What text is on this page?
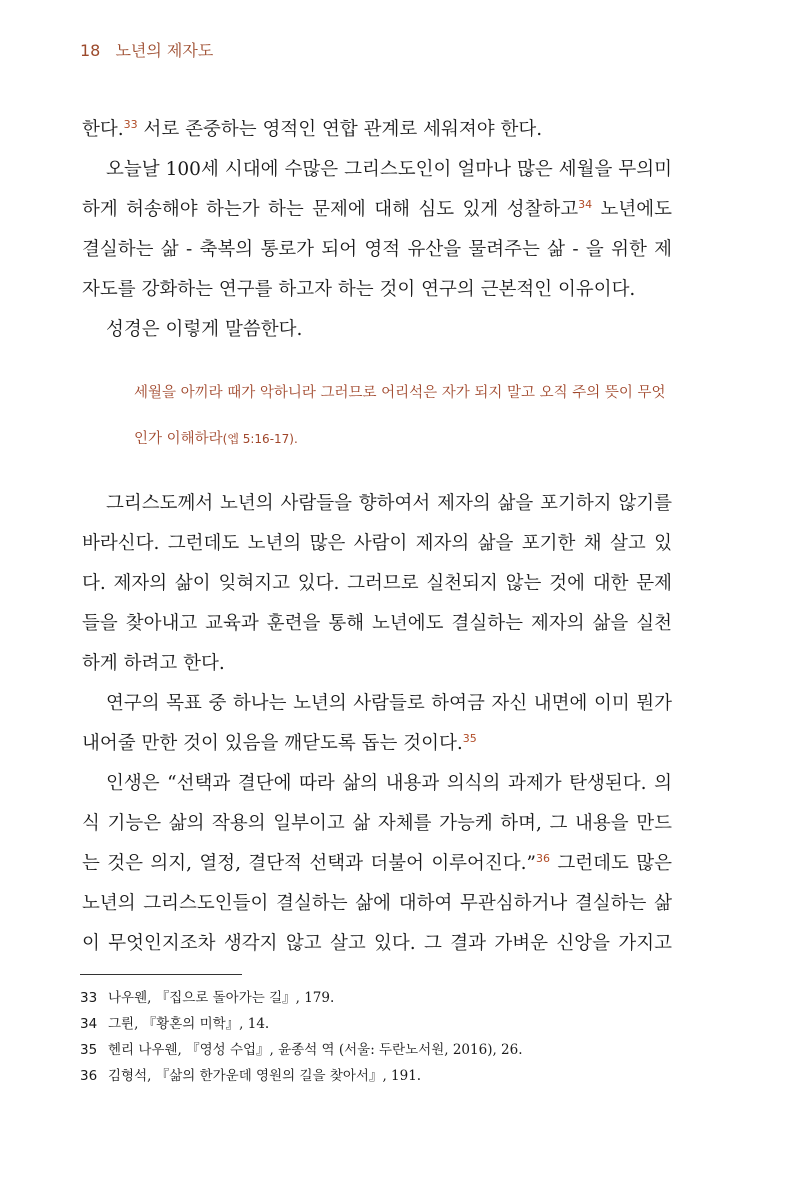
18 노년의 제자도
한다.$^{33}$ 서로 존중하는 영적인 연합 관계로 세워져야 한다.
오늘날 100세 시대에 수많은 그리스도인이 얼마나 많은 세월을 무의미
하게 허송해야 하는가 하는 문제에 대해 심도 있게 성찰하고$^{34}$ 노년에도
결실하는 삶 - 축복의 통로가 되어 영적 유산을 물려주는 삶 - 을 위한 제
자도를 강화하는 연구를 하고자 하는 것이 연구의 근본적인 이유이다.
성경은 이렇게 말씀한다.
세월을 아끼라 때가 악하니라 그러므로 어리석은 자가 되지 말고 오직 주의 뜻이 무엇
인가 이해하라(엡 5:16-17).
그리스도께서 노년의 사람들을 향하여서 제자의 삶을 포기하지 않기를
바라신다. 그런데도 노년의 많은 사람이 제자의 삶을 포기한 채 살고 있
다. 제자의 삶이 잊혀지고 있다. 그러므로 실천되지 않는 것에 대한 문제
들을 찾아내고 교육과 훈련을 통해 노년에도 결실하는 제자의 삶을 실천
하게 하려고 한다.
연구의 목표 중 하나는 노년의 사람들로 하여금 자신 내면에 이미 뭔가
내어줄 만한 것이 있음을 깨닫도록 돕는 것이다.$^{35}$
인생은 “선택과 결단에 따라 삶의 내용과 의식의 과제가 탄생된다. 의
식 기능은 삶의 작용의 일부이고 삶 자체를 가능케 하며, 그 내용을 만드
는 것은 의지, 열정, 결단적 선택과 더불어 이루어진다.”$^{36}$ 그런데도 많은
노년의 그리스도인들이 결실하는 삶에 대하여 무관심하거나 결실하는 삶
이 무엇인지조차 생각지 않고 살고 있다. 그 결과 가벼운 신앙을 가지고
33 나우웬, 『집으로 돌아가는 길』, 179.
34 그륀, 『황혼의 미학』, 14.
35 헨리 나우웬, 『영성 수업』, 윤종석 역 (서울: 두란노서원, 2016), 26.
36 김형석, 『삶의 한가운데 영원의 길을 찾아서』, 191.
